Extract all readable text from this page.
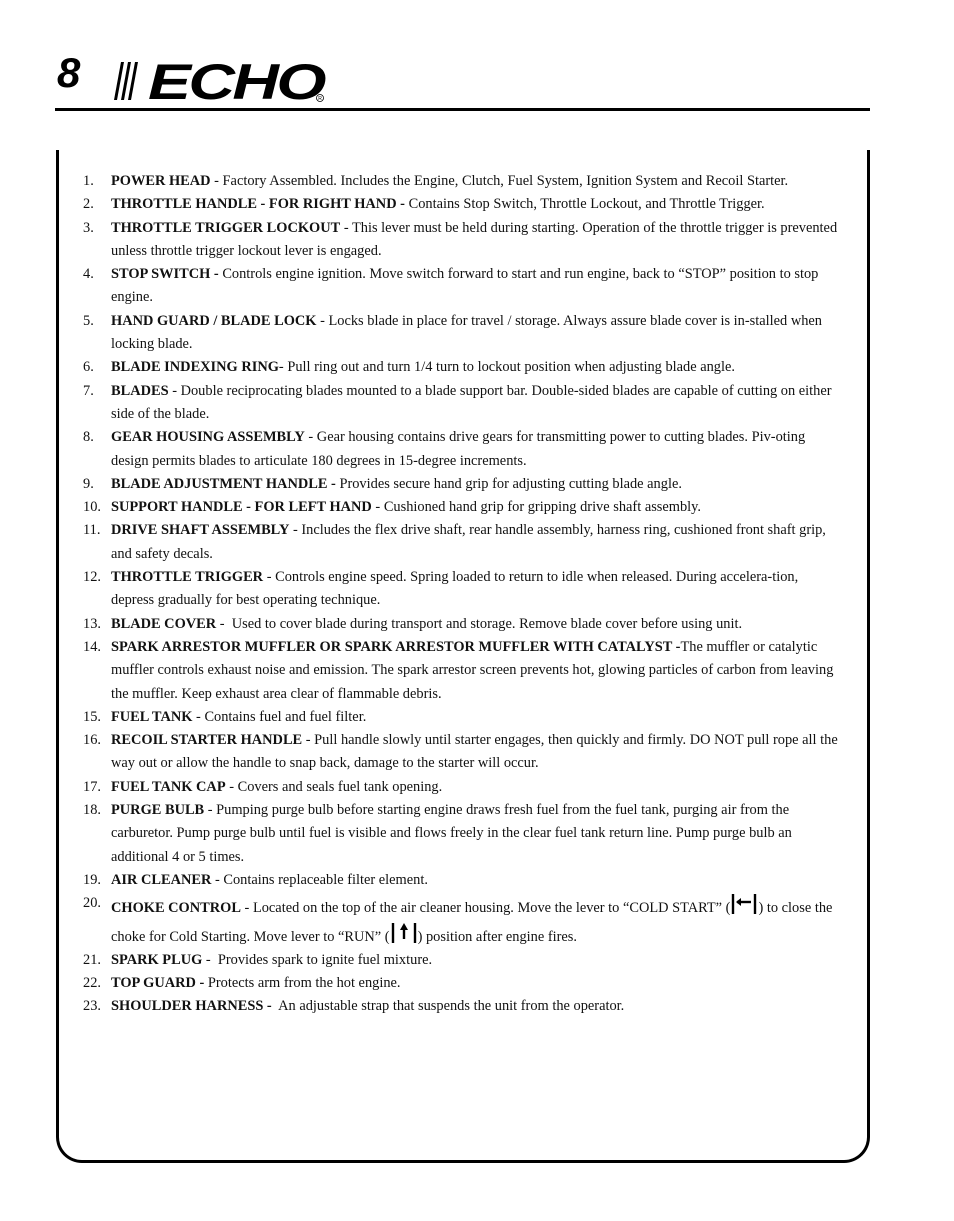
8 ECHO
R
1.	POWER HEAD - Factory Assembled. Includes the Engine, Clutch, Fuel System, Ignition System and Recoil Starter.
2.	THROTTLE HANDLE - FOR RIGHT HAND - Contains Stop Switch, Throttle Lockout, and Throttle Trigger.
3.	THROTTLE TRIGGER LOCKOUT - This lever must be held during starting. Operation of the throttle trigger is prevented unless throttle trigger lockout lever is engaged.
4.	STOP SWITCH - Controls engine ignition. Move switch forward to start and run engine, back to “STOP” position to stop engine.
5.	HAND GUARD / BLADE LOCK - Locks blade in place for travel / storage. Always assure blade cover is in-stalled when locking blade.
6.	BLADE INDEXING RING- Pull ring out and turn 1/4 turn to lockout position when adjusting blade angle.
7.	BLADES - Double reciprocating blades mounted to a blade support bar. Double-sided blades are capable of cutting on either side of the blade.
8.	GEAR HOUSING ASSEMBLY - Gear housing contains drive gears for transmitting power to cutting blades. Piv-oting design permits blades to articulate 180 degrees in 15-degree increments.
9.	BLADE ADJUSTMENT HANDLE - Provides secure hand grip for adjusting cutting blade angle.
10. SUPPORT HANDLE - FOR LEFT HAND - Cushioned hand grip for gripping drive shaft assembly.
11. DRIVE SHAFT ASSEMBLY - Includes the flex drive shaft, rear handle assembly, harness ring, cushioned front shaft grip, and safety decals.
12. THROTTLE TRIGGER - Controls engine speed. Spring loaded to return to idle when released. During accelera-tion, depress gradually for best operating technique.
13. BLADE COVER -  Used to cover blade during transport and storage. Remove blade cover before using unit.
14. SPARK ARRESTOR MUFFLER OR SPARK ARRESTOR MUFFLER WITH CATALYST -The muffler or catalytic muffler controls exhaust noise and emission. The spark arrestor screen prevents hot, glowing particles of carbon from leaving the muffler. Keep exhaust area clear of flammable debris.
15. FUEL TANK - Contains fuel and fuel filter.
16. RECOIL STARTER HANDLE - Pull handle slowly until starter engages, then quickly and firmly. DO NOT pull rope all the way out or allow the handle to snap back, damage to the starter will occur.
17. FUEL TANK CAP - Covers and seals fuel tank opening.
18. PURGE BULB - Pumping purge bulb before starting engine draws fresh fuel from the fuel tank, purging air from the carburetor. Pump purge bulb until fuel is visible and flows freely in the clear fuel tank return line. Pump purge bulb an additional 4 or 5 times.
19. AIR CLEANER - Contains replaceable filter element.
20. CHOKE CONTROL - Located on the top of the air cleaner housing. Move the lever to “COLD START” ( ) to close the choke for Cold Starting. Move lever to “RUN” ( ) position after engine fires.
21. SPARK PLUG -  Provides spark to ignite fuel mixture.
22. TOP GUARD - Protects arm from the hot engine.
23. SHOULDER HARNESS - An adjustable strap that suspends the unit from the operator.
